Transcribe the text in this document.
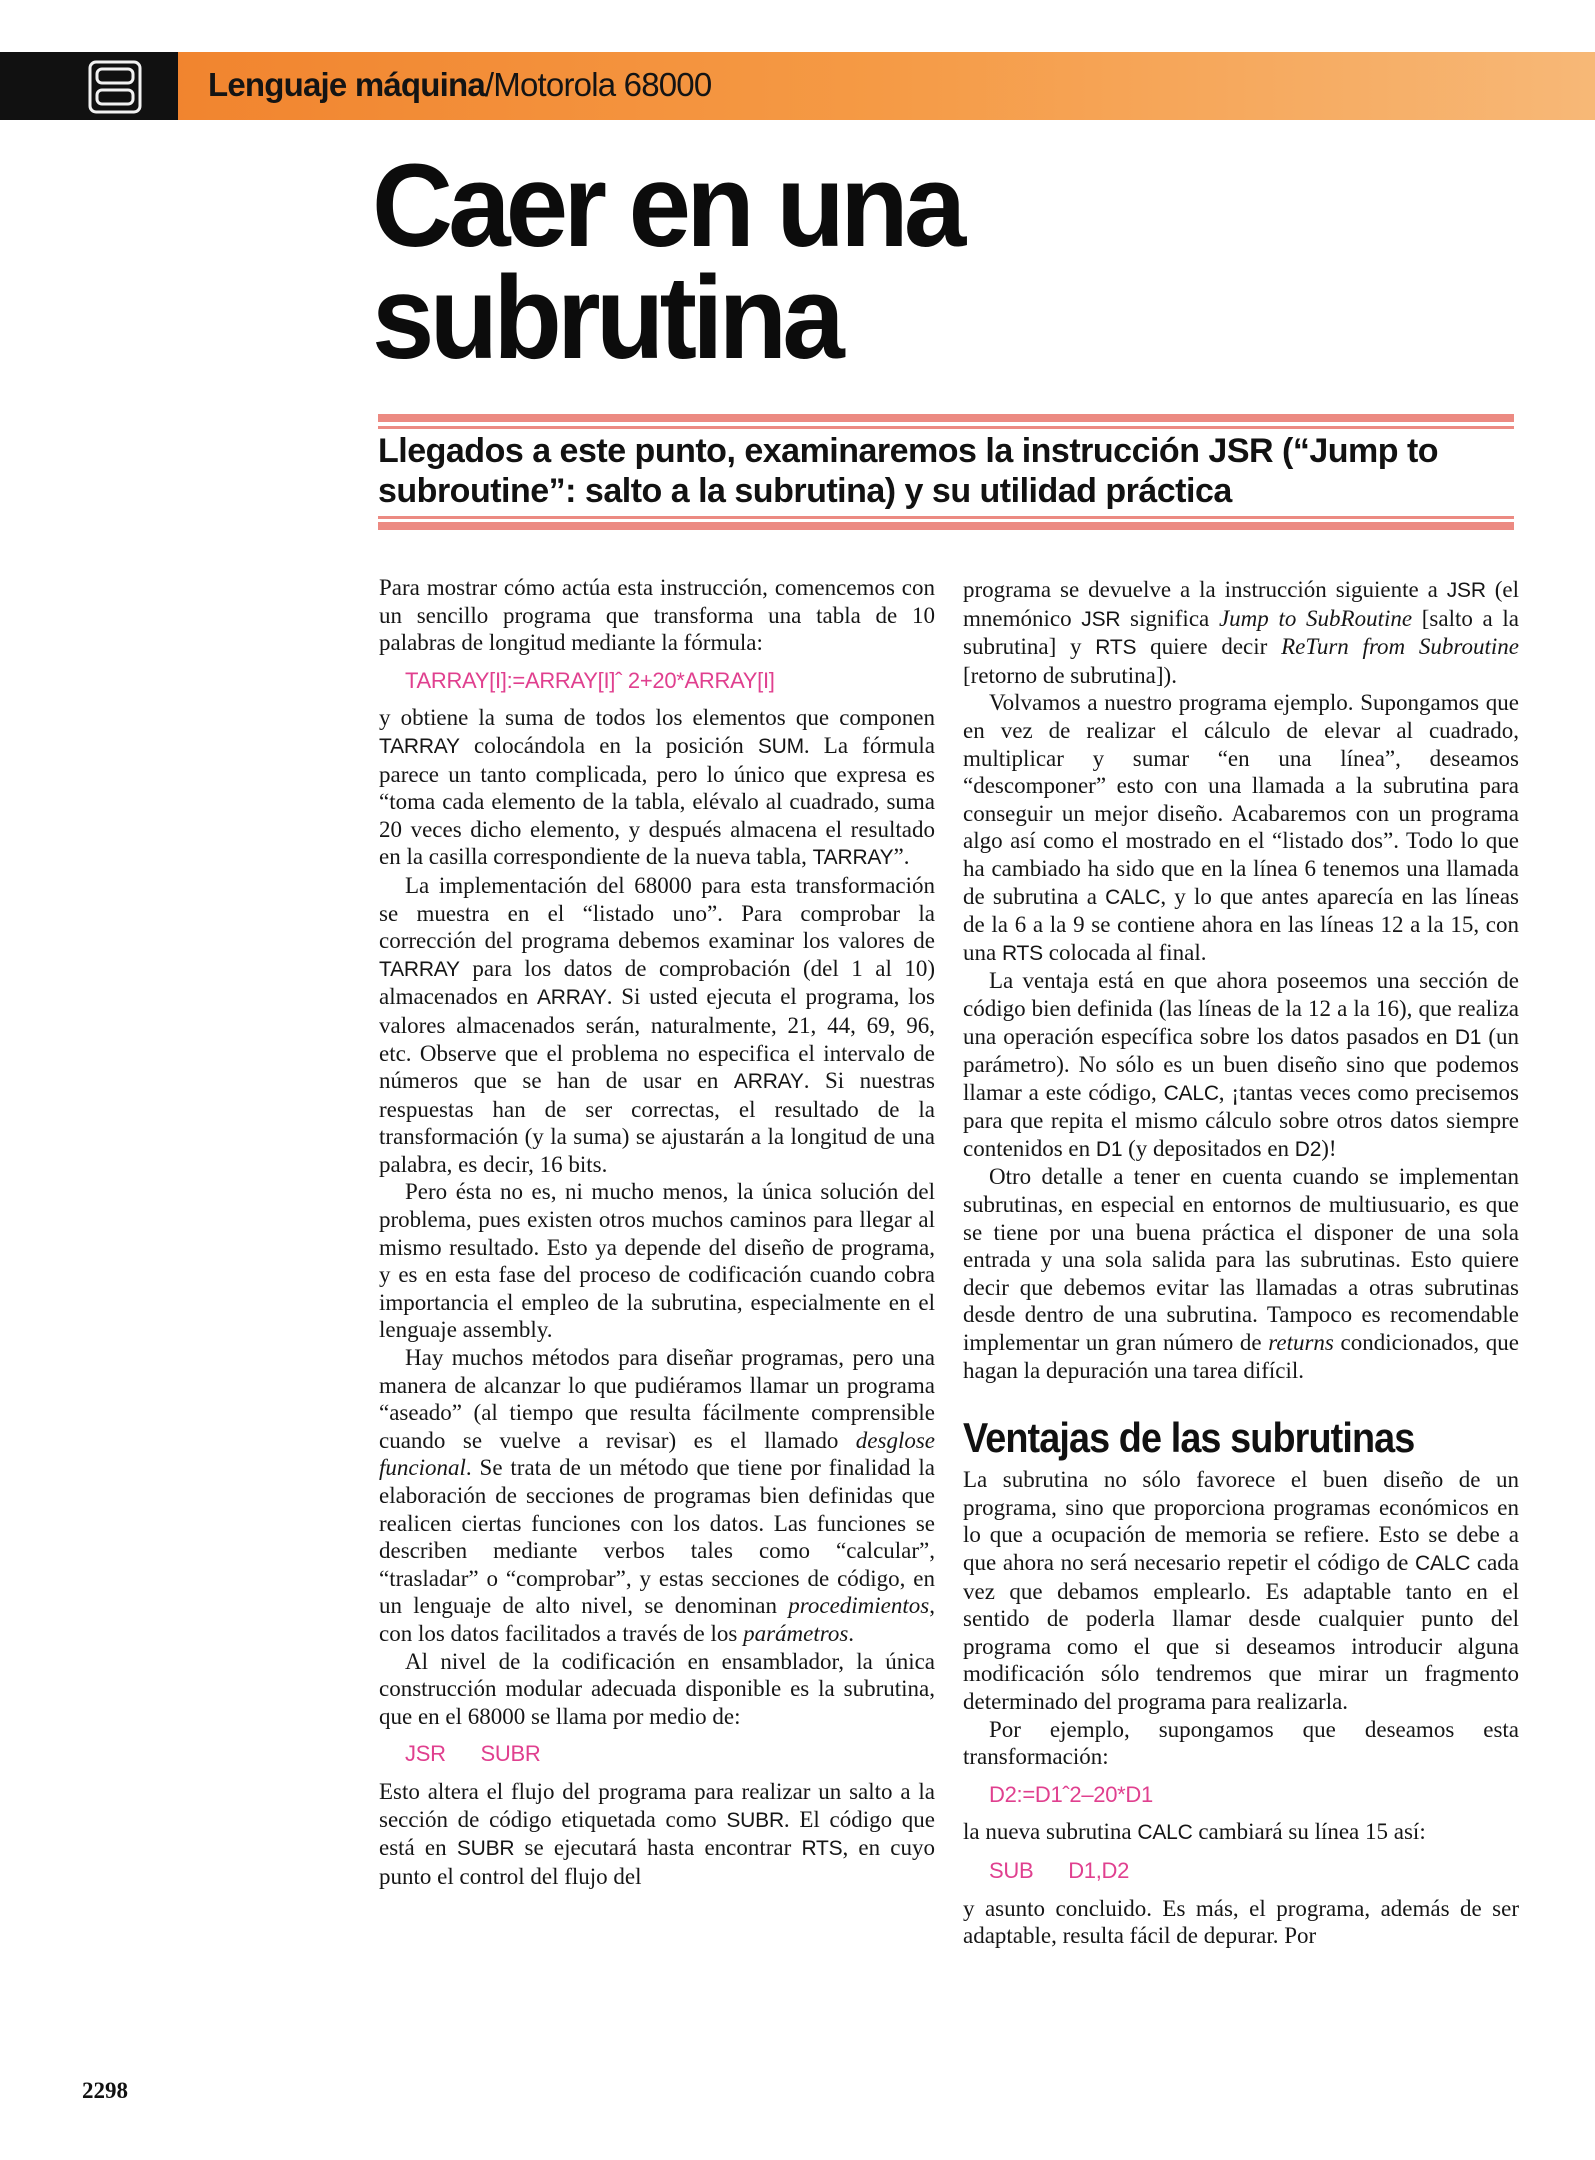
Lenguaje máquina/Motorola 68000
Caer en una subrutina

Llegados a este punto, examinaremos la instrucción JSR (“Jump to subroutine”: salto a la subrutina) y su utilidad práctica

Para mostrar cómo actúa esta instrucción, comencemos con un sencillo programa que transforma una tabla de 10 palabras de longitud mediante la fórmula:

TARRAY[I]:=ARRAY[I]ˆ 2+20*ARRAY[I]

y obtiene la suma de todos los elementos que componen TARRAY colocándola en la posición SUM. La fórmula parece un tanto complicada, pero lo único que expresa es “toma cada elemento de la tabla, elévalo al cuadrado, suma 20 veces dicho elemento, y después almacena el resultado en la casilla correspondiente de la nueva tabla, TARRAY”.

La implementación del 68000 para esta transformación se muestra en el “listado uno”. Para comprobar la corrección del programa debemos examinar los valores de TARRAY para los datos de comprobación (del 1 al 10) almacenados en ARRAY. Si usted ejecuta el programa, los valores almacenados serán, naturalmente, 21, 44, 69, 96, etc. Observe que el problema no especifica el intervalo de números que se han de usar en ARRAY. Si nuestras respuestas han de ser correctas, el resultado de la transformación (y la suma) se ajustarán a la longitud de una palabra, es decir, 16 bits.

Pero ésta no es, ni mucho menos, la única solución del problema, pues existen otros muchos caminos para llegar al mismo resultado. Esto ya depende del diseño de programa, y es en esta fase del proceso de codificación cuando cobra importancia el empleo de la subrutina, especialmente en el lenguaje assembly.

Hay muchos métodos para diseñar programas, pero una manera de alcanzar lo que pudiéramos llamar un programa “aseado” (al tiempo que resulta fácilmente comprensible cuando se vuelve a revisar) es el llamado desglose funcional. Se trata de un método que tiene por finalidad la elaboración de secciones de programas bien definidas que realicen ciertas funciones con los datos. Las funciones se describen mediante verbos tales como “calcular”, “trasladar” o “comprobar”, y estas secciones de código, en un lenguaje de alto nivel, se denominan procedimientos, con los datos facilitados a través de los parámetros.

Al nivel de la codificación en ensamblador, la única construcción modular adecuada disponible es la subrutina, que en el 68000 se llama por medio de:

JSR      SUBR

Esto altera el flujo del programa para realizar un salto a la sección de código etiquetada como SUBR. El código que está en SUBR se ejecutará hasta encontrar RTS, en cuyo punto el control del flujo del

programa se devuelve a la instrucción siguiente a JSR (el mnemónico JSR significa Jump to SubRoutine [salto a la subrutina] y RTS quiere decir ReTurn from Subroutine [retorno de subrutina]).

Volvamos a nuestro programa ejemplo. Supongamos que en vez de realizar el cálculo de elevar al cuadrado, multiplicar y sumar “en una línea”, deseamos “descomponer” esto con una llamada a la subrutina para conseguir un mejor diseño. Acabaremos con un programa algo así como el mostrado en el “listado dos”. Todo lo que ha cambiado ha sido que en la línea 6 tenemos una llamada de subrutina a CALC, y lo que antes aparecía en las líneas de la 6 a la 9 se contiene ahora en las líneas 12 a la 15, con una RTS colocada al final.

La ventaja está en que ahora poseemos una sección de código bien definida (las líneas de la 12 a la 16), que realiza una operación específica sobre los datos pasados en D1 (un parámetro). No sólo es un buen diseño sino que podemos llamar a este código, CALC, ¡tantas veces como precisemos para que repita el mismo cálculo sobre otros datos siempre contenidos en D1 (y depositados en D2)!

Otro detalle a tener en cuenta cuando se implementan subrutinas, en especial en entornos de multiusuario, es que se tiene por una buena práctica el disponer de una sola entrada y una sola salida para las subrutinas. Esto quiere decir que debemos evitar las llamadas a otras subrutinas desde dentro de una subrutina. Tampoco es recomendable implementar un gran número de returns condicionados, que hagan la depuración una tarea difícil.

Ventajas de las subrutinas

La subrutina no sólo favorece el buen diseño de un programa, sino que proporciona programas económicos en lo que a ocupación de memoria se refiere. Esto se debe a que ahora no será necesario repetir el código de CALC cada vez que debamos emplearlo. Es adaptable tanto en el sentido de poderla llamar desde cualquier punto del programa como el que si deseamos introducir alguna modificación sólo tendremos que mirar un fragmento determinado del programa para realizarla.

Por ejemplo, supongamos que deseamos esta transformación:

D2:=D1ˆ2–20*D1

la nueva subrutina CALC cambiará su línea 15 así:

SUB      D1,D2

y asunto concluido. Es más, el programa, además de ser adaptable, resulta fácil de depurar. Por

2298
